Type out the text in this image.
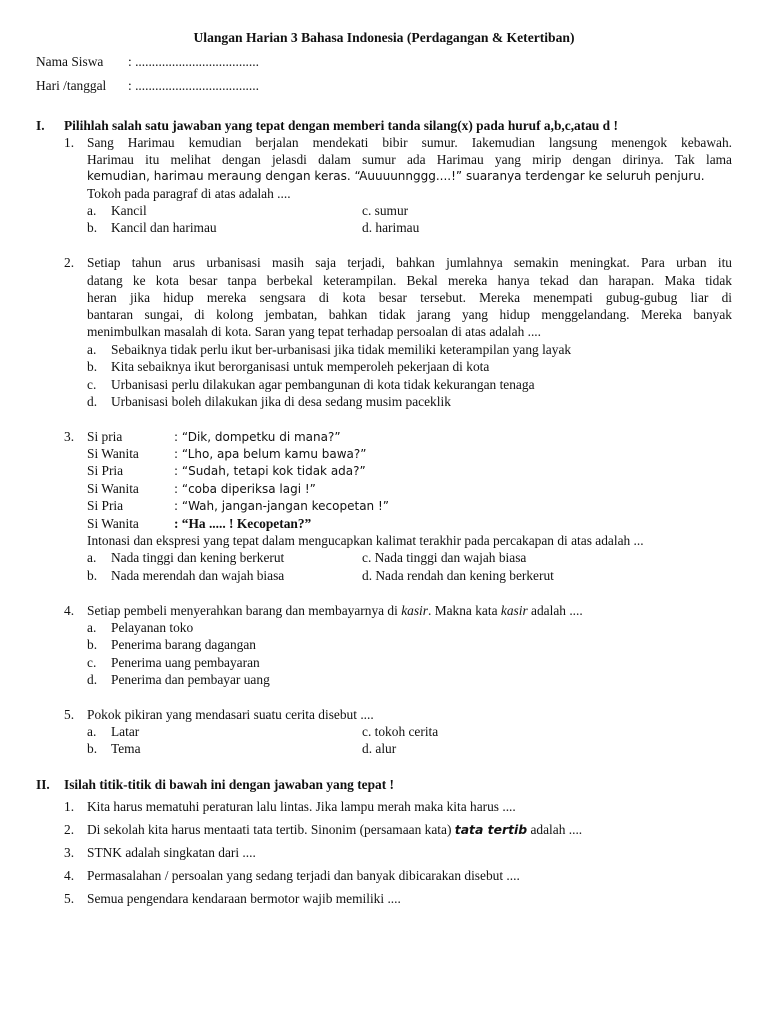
Ulangan Harian 3 Bahasa Indonesia (Perdagangan & Ketertiban)
Nama Siswa : .....................................
Hari /tanggal : .....................................
I. Pilihlah salah satu jawaban yang tepat dengan memberi tanda silang(x) pada huruf a,b,c,atau d !
1. Sang Harimau kemudian berjalan mendekati bibir sumur. Iakemudian langsung menengok kebawah.
Harimau itu melihat dengan jelasdi dalam sumur ada Harimau yang mirip dengan dirinya. Tak lama
kemudian, harimau meraung dengan keras. “Auuuunnggg....!” suaranya terdengar ke seluruh penjuru.
Tokoh pada paragraf di atas adalah ....
a. Kancil	c. sumur
b. Kancil dan harimau	d. harimau
2. Setiap tahun arus urbanisasi masih saja terjadi, bahkan jumlahnya semakin meningkat. Para urban itu
datang ke kota besar tanpa berbekal keterampilan. Bekal mereka hanya tekad dan harapan. Maka tidak
heran jika hidup mereka sengsara di kota besar tersebut. Mereka menempati gubug-gubug liar di
bantaran sungai, di kolong jembatan, bahkan tidak jarang yang hidup menggelandang. Mereka banyak
menimbulkan masalah di kota. Saran yang tepat terhadap persoalan di atas adalah ....
a. Sebaiknya tidak perlu ikut ber-urbanisasi jika tidak memiliki keterampilan yang layak
b. Kita sebaiknya ikut berorganisasi untuk memperoleh pekerjaan di kota
c. Urbanisasi perlu dilakukan agar pembangunan di kota tidak kekurangan tenaga
d. Urbanisasi boleh dilakukan jika di desa sedang musim paceklik
3. Si pria	: “Dik, dompetku di mana?”
Si Wanita	: “Lho, apa belum kamu bawa?”
Si Pria	: “Sudah, tetapi kok tidak ada?”
Si Wanita	: “coba diperiksa lagi !”
Si Pria	: “Wah, jangan-jangan kecopetan !”
Si Wanita	: “Ha ..... ! Kecopetan?”
Intonasi dan ekspresi yang tepat dalam mengucapkan kalimat terakhir pada percakapan di atas adalah ...
a. Nada tinggi dan kening berkerut	c. Nada tinggi dan wajah biasa
b. Nada merendah dan wajah biasa	d. Nada rendah dan kening berkerut
4. Setiap pembeli menyerahkan barang dan membayarnya di kasir. Makna kata kasir adalah ....
a. Pelayanan toko
b. Penerima barang dagangan
c. Penerima uang pembayaran
d. Penerima dan pembayar uang
5. Pokok pikiran yang mendasari suatu cerita disebut ....
a. Latar	c. tokoh cerita
b. Tema	d. alur
II. Isilah titik-titik di bawah ini dengan jawaban yang tepat !
1. Kita harus mematuhi peraturan lalu lintas. Jika lampu merah maka kita harus ....
2. Di sekolah kita harus mentaati tata tertib. Sinonim (persamaan kata) tata tertib adalah ....
3. STNK adalah singkatan dari ....
4. Permasalahan / persoalan yang sedang terjadi dan banyak dibicarakan disebut ....
5. Semua pengendara kendaraan bermotor wajib memiliki ....
